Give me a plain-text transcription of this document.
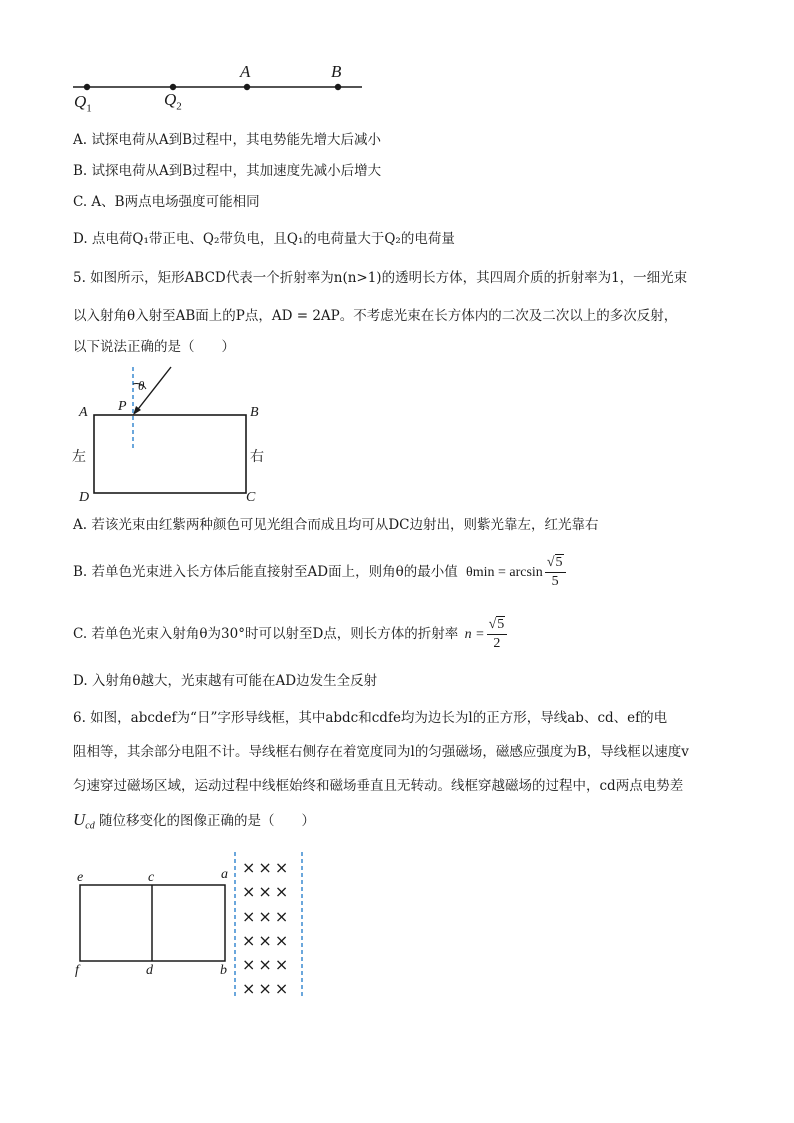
A	B
$Q_1$	$Q_2$
A. 试探电荷从A到B过程中，其电势能先增大后减小
B. 试探电荷从A到B过程中，其加速度先减小后增大
C. A、B两点电场强度可能相同
D. 点电荷Q₁带正电、Q₂带负电，且Q₁的电荷量大于Q₂的电荷量
5. 如图所示，矩形ABCD代表一个折射率为n(n>1)的透明长方体，其四周介质的折射率为1，一细光束
以入射角θ入射至AB面上的P点，AD = 2AP。不考虑光束在长方体内的二次及二次以上的多次反射，
以下说法正确的是（　　）
θ
A P	B
左	右
D	C
A. 若该光束由红紫两种颜色可见光组合而成且均可从DC边射出，则紫光靠左，红光靠右
B. 若单色光束进入长方体后能直接射至AD面上，则角θ的最小值 $\theta\min = \arcsin \frac{√5}{5}$
C. 若单色光束入射角θ为30°时可以射至D点，则长方体的折射率 $n = \frac{√5}{2}$
D. 入射角θ越大，光束越有可能在AD边发生全反射
6. 如图，abcdef为“日”字形导线框，其中abdc和cdfe均为边长为l的正方形，导线ab、cd、ef的电
阻相等，其余部分电阻不计。导线框右侧存在着宽度同为l的匀强磁场，磁感应强度为B，导线框以速度v
匀速穿过磁场区域，运动过程中线框始终和磁场垂直且无转动。线框穿越磁场的过程中，cd两点电势差
$U_{cd}$ 随位移变化的图像正确的是（　　）
e	c	a
f	d	b
×××
×××
×××
×××
×××
×××
